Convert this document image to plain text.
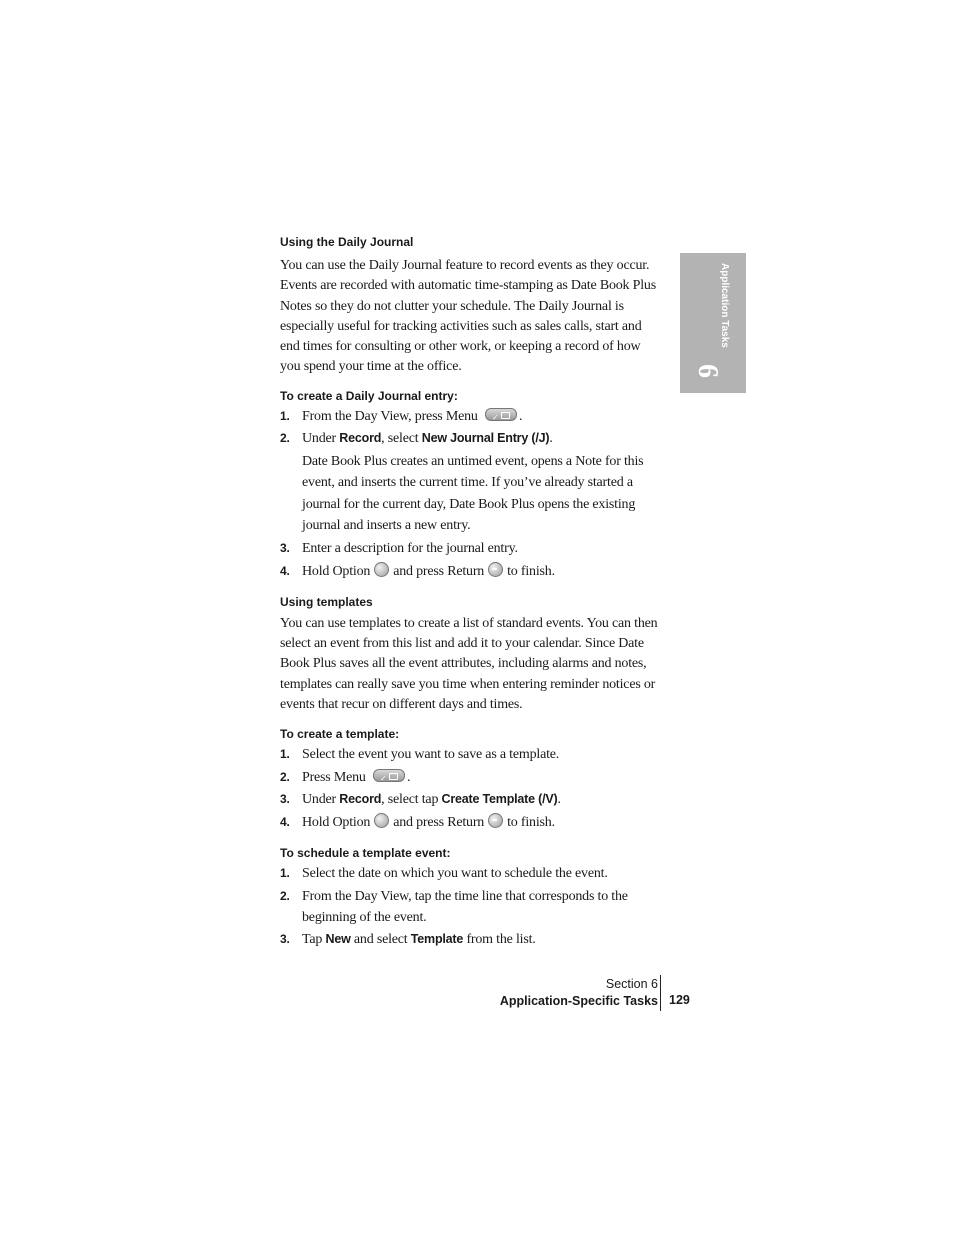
Using the Daily Journal

You can use the Daily Journal feature to record events as they occur. Events are recorded with automatic time-stamping as Date Book Plus Notes so they do not clutter your schedule. The Daily Journal is especially useful for tracking activities such as sales calls, start and end times for consulting or other work, or keeping a record of how you spend your time at the office.

To create a Daily Journal entry:
1. From the Day View, press Menu ✓	.
2. Under Record, select New Journal Entry (/J).
Date Book Plus creates an untimed event, opens a Note for this event, and inserts the current time. If you’ve already started a journal for the current day, Date Book Plus opens the existing journal and inserts a new entry.
3. Enter a description for the journal entry.
4. Hold Option and press Return to finish.
Using templates

You can use templates to create a list of standard events. You can then select an event from this list and add it to your calendar. Since Date Book Plus saves all the event attributes, including alarms and notes, templates can really save you time when entering reminder notices or events that recur on different days and times.

To create a template:
1. Select the event you want to save as a template.
2. Press Menu ✓	.
3. Under Record, select tap Create Template (/V).
4. Hold Option and press Return to finish.
To schedule a template event:
1. Select the date on which you want to schedule the event.
2. From the Day View, tap the time line that corresponds to the beginning of the event.
3. Tap New and select Template from the list.
Application Tasks
6
Section 6
Application-Specific Tasks 129
